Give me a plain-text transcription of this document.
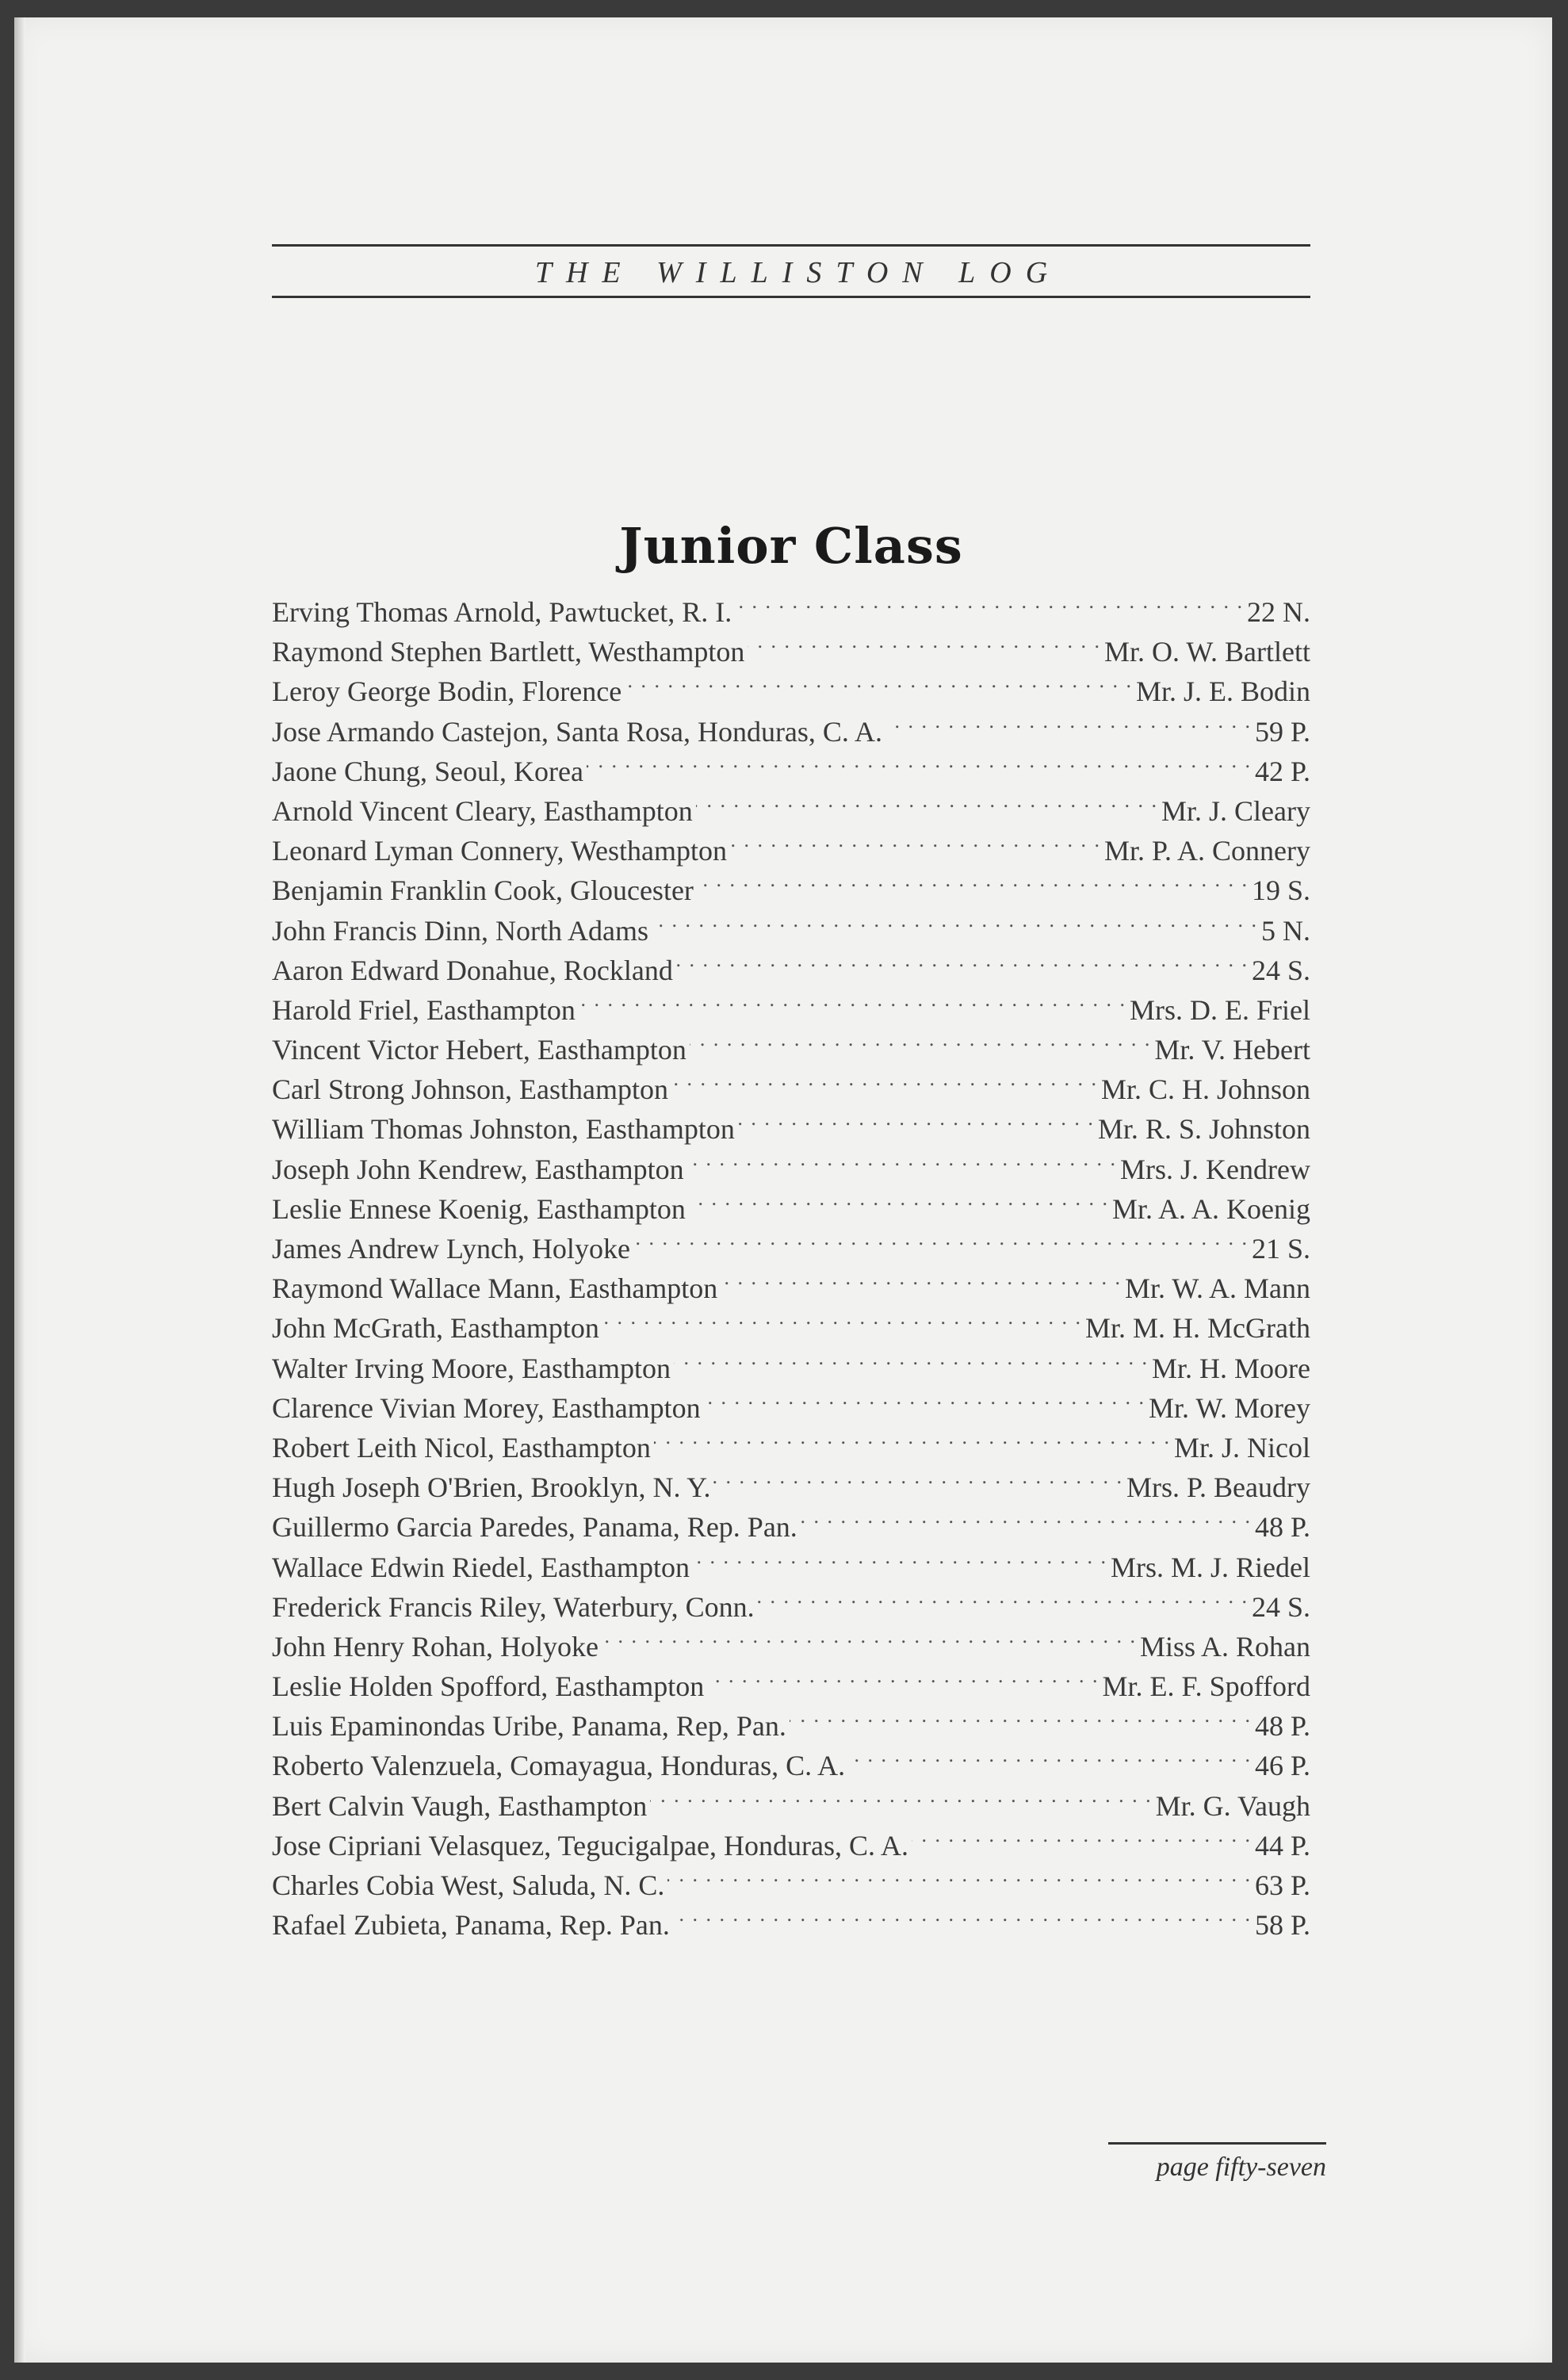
THE WILLISTON LOG
Junior Class
Erving Thomas Arnold, Pawtucket, R. I. . . .	22 N.
Raymond Stephen Bartlett, Westhampton . . .	Mr. O. W. Bartlett
Leroy George Bodin, Florence . . .	Mr. J. E. Bodin
Jose Armando Castejon, Santa Rosa, Honduras, C. A. . . .	59 P.
Jaone Chung, Seoul, Korea . . .	42 P.
Arnold Vincent Cleary, Easthampton . . .	Mr. J. Cleary
Leonard Lyman Connery, Westhampton . . .	Mr. P. A. Connery
Benjamin Franklin Cook, Gloucester . . .	19 S.
John Francis Dinn, North Adams . . .	5 N.
Aaron Edward Donahue, Rockland . . .	24 S.
Harold Friel, Easthampton . . .	Mrs. D. E. Friel
Vincent Victor Hebert, Easthampton . . .	Mr. V. Hebert
Carl Strong Johnson, Easthampton . . .	Mr. C. H. Johnson
William Thomas Johnston, Easthampton . . .	Mr. R. S. Johnston
Joseph John Kendrew, Easthampton . . .	Mrs. J. Kendrew
Leslie Ennese Koenig, Easthampton . . .	Mr. A. A. Koenig
James Andrew Lynch, Holyoke . . .	21 S.
Raymond Wallace Mann, Easthampton . . .	Mr. W. A. Mann
John McGrath, Easthampton . . .	Mr. M. H. McGrath
Walter Irving Moore, Easthampton . . .	Mr. H. Moore
Clarence Vivian Morey, Easthampton . . .	Mr. W. Morey
Robert Leith Nicol, Easthampton . . .	Mr. J. Nicol
Hugh Joseph O'Brien, Brooklyn, N. Y. . . .	Mrs. P. Beaudry
Guillermo Garcia Paredes, Panama, Rep. Pan. . . .	48 P.
Wallace Edwin Riedel, Easthampton . . .	Mrs. M. J. Riedel
Frederick Francis Riley, Waterbury, Conn. . . .	24 S.
John Henry Rohan, Holyoke . . .	Miss A. Rohan
Leslie Holden Spofford, Easthampton . . .	Mr. E. F. Spofford
Luis Epaminondas Uribe, Panama, Rep, Pan. . . .	48 P.
Roberto Valenzuela, Comayagua, Honduras, C. A. . . .	46 P.
Bert Calvin Vaugh, Easthampton . . .	Mr. G. Vaugh
Jose Cipriani Velasquez, Tegucigalpae, Honduras, C. A. . . .	44 P.
Charles Cobia West, Saluda, N. C. . . .	63 P.
Rafael Zubieta, Panama, Rep. Pan. . . .	58 P.
page fifty-seven
